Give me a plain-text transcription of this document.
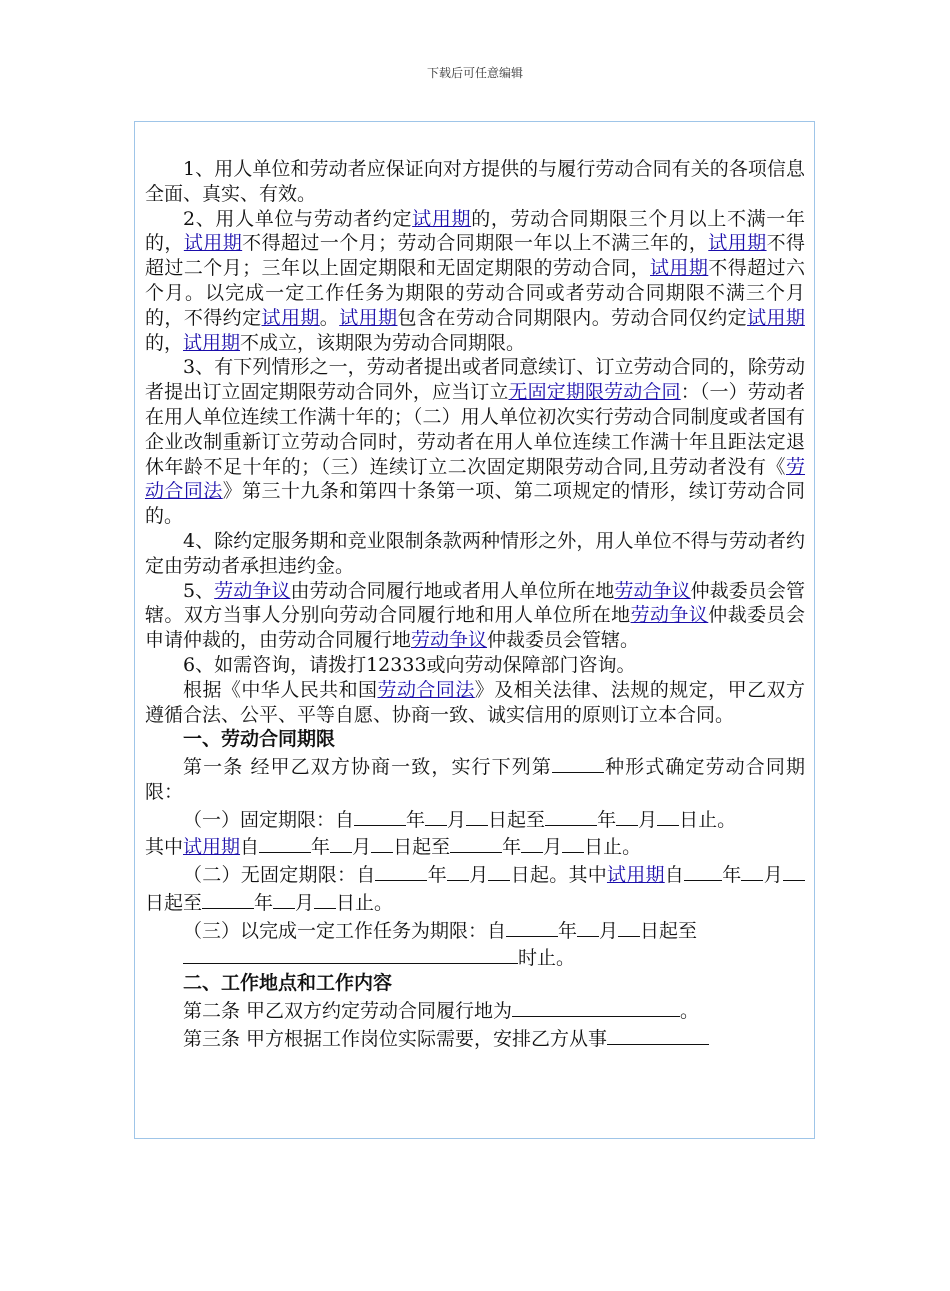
下载后可任意编辑

1、用人单位和劳动者应保证向对方提供的与履行劳动合同有关的各项信息全面、真实、有效。

2、用人单位与劳动者约定试用期的，劳动合同期限三个月以上不满一年的，试用期不得超过一个月；劳动合同期限一年以上不满三年的，试用期不得超过二个月；三年以上固定期限和无固定期限的劳动合同，试用期不得超过六个月。以完成一定工作任务为期限的劳动合同或者劳动合同期限不满三个月的，不得约定试用期。试用期包含在劳动合同期限内。劳动合同仅约定试用期的，试用期不成立，该期限为劳动合同期限。

3、有下列情形之一，劳动者提出或者同意续订、订立劳动合同的，除劳动者提出订立固定期限劳动合同外，应当订立无固定期限劳动合同：（一）劳动者在用人单位连续工作满十年的；（二）用人单位初次实行劳动合同制度或者国有企业改制重新订立劳动合同时，劳动者在用人单位连续工作满十年且距法定退休年龄不足十年的；（三）连续订立二次固定期限劳动合同,且劳动者没有《劳动合同法》第三十九条和第四十条第一项、第二项规定的情形，续订劳动合同的。

4、除约定服务期和竞业限制条款两种情形之外，用人单位不得与劳动者约定由劳动者承担违约金。

5、劳动争议由劳动合同履行地或者用人单位所在地劳动争议仲裁委员会管辖。双方当事人分别向劳动合同履行地和用人单位所在地劳动争议仲裁委员会申请仲裁的，由劳动合同履行地劳动争议仲裁委员会管辖。

6、如需咨询，请拨打12333或向劳动保障部门咨询。

根据《中华人民共和国劳动合同法》及相关法律、法规的规定，甲乙双方遵循合法、公平、平等自愿、协商一致、诚实信用的原则订立本合同。

一、劳动合同期限

第一条 经甲乙双方协商一致，实行下列第	种形式确定劳动合同期限：

（一）固定期限：自	年 月 日起至	年 月 日止。

其中试用期自	年 月 日起至	年 月 日止。

（二）无固定期限：自	年 月 日起。其中试用期自 年 月日起至	年 月 日止。

（三）以完成一定工作任务为期限：自	年 月 日起至

时止。

二、工作地点和工作内容

第二条 甲乙双方约定劳动合同履行地为	。

第三条 甲方根据工作岗位实际需要，安排乙方从事
